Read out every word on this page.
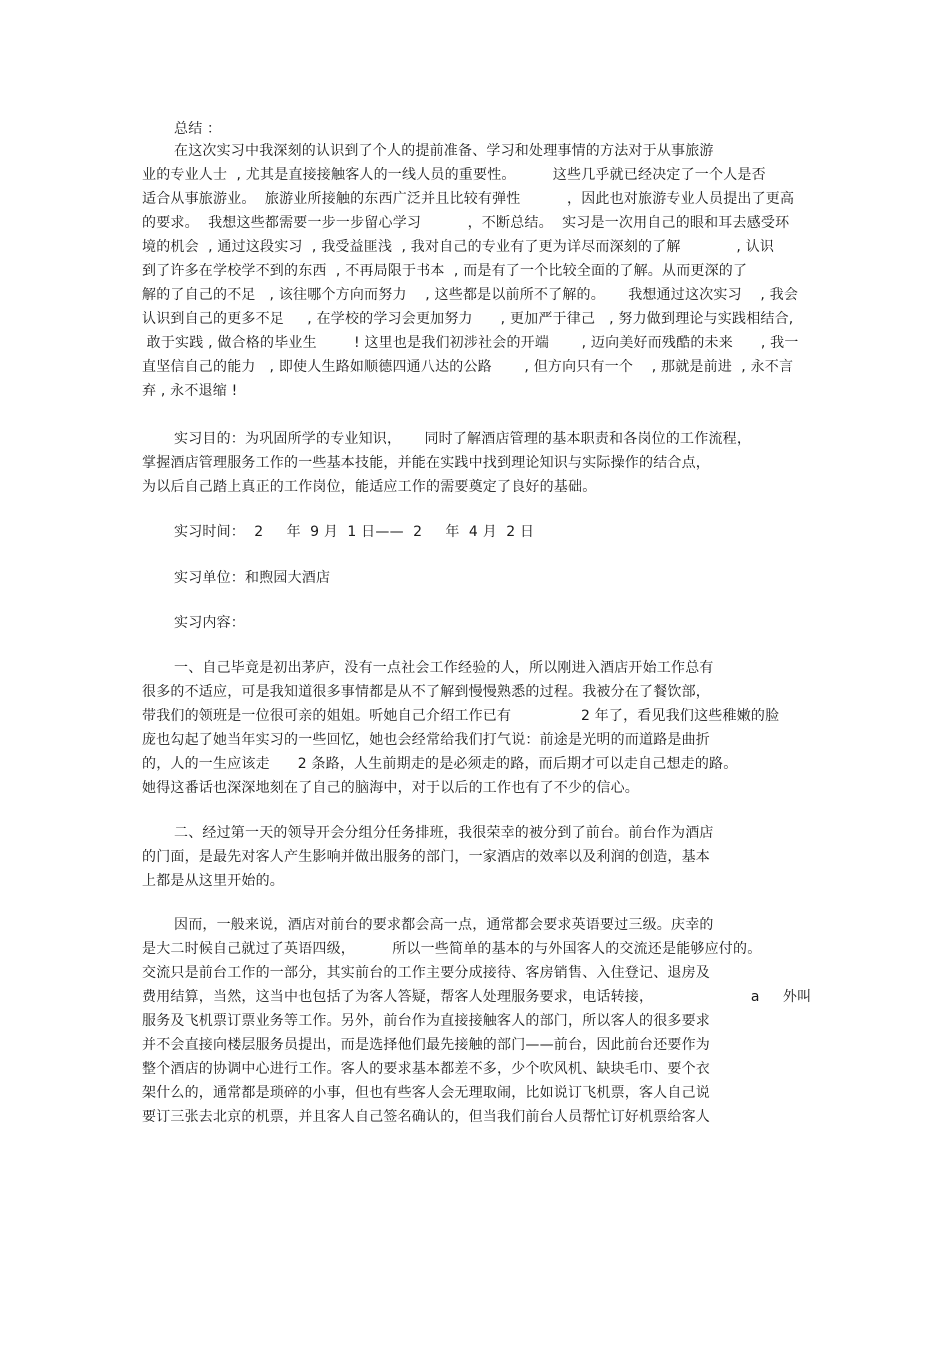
总结 ：
在这次实习中我深刻的认识到了个人的提前准备、学习和处理事情的方法对于从事旅游
业的专业人士  , 尤其是直接接触客人的一线人员的重要性。        这些几乎就已经决定了一个人是否
适合从事旅游业。  旅游业所接触的东西广泛并且比较有弹性          ，因此也对旅游专业人员提出了更高
的要求。  我想这些都需要一步一步留心学习          ，不断总结。  实习是一次用自己的眼和耳去感受环
境的机会  , 通过这段实习  , 我受益匪浅  , 我对自己的专业有了更为详尽而深刻的了解            , 认识
到了许多在学校学不到的东西  , 不再局限于书本  , 而是有了一个比较全面的了解。从而更深的了
解的了自己的不足   , 该往哪个方向而努力    , 这些都是以前所不了解的。     我想通过这次实习    , 我会
认识到自己的更多不足     , 在学校的学习会更加努力      , 更加严于律己   , 努力做到理论与实践相结合,
敢于实践 , 做合格的毕业生        ! 这里也是我们初涉社会的开端       , 迈向美好而残酷的未来      , 我一
直坚信自己的能力   , 即使人生路如顺德四通八达的公路       , 但方向只有一个    , 那就是前进  , 永不言
弃 , 永不退缩 !
实习目的：为巩固所学的专业知识，     同时了解酒店管理的基本职责和各岗位的工作流程，
掌握酒店管理服务工作的一些基本技能，并能在实践中找到理论知识与实际操作的结合点，
为以后自己踏上真正的工作岗位，能适应工作的需要奠定了良好的基础。
实习时间：  2     年  9 月  1 日——  2     年  4 月  2 日
实习单位：和煦园大酒店
实习内容：
一、自己毕竟是初出茅庐，没有一点社会工作经验的人，所以刚进入酒店开始工作总有
很多的不适应，可是我知道很多事情都是从不了解到慢慢熟悉的过程。我被分在了餐饮部，
带我们的领班是一位很可亲的姐姐。听她自己介绍工作已有               2 年了，看见我们这些稚嫩的脸
庞也勾起了她当年实习的一些回忆，她也会经常给我们打气说：前途是光明的而道路是曲折
的，人的一生应该走      2 条路，人生前期走的是必须走的路，而后期才可以走自己想走的路。
她得这番话也深深地刻在了自己的脑海中，对于以后的工作也有了不少的信心。
二、经过第一天的领导开会分组分任务排班，我很荣幸的被分到了前台。前台作为酒店
的门面，是最先对客人产生影响并做出服务的部门，一家酒店的效率以及利润的创造，基本
上都是从这里开始的。
因而，一般来说，酒店对前台的要求都会高一点，通常都会要求英语要过三级。庆幸的
是大二时候自己就过了英语四级，        所以一些简单的基本的与外国客人的交流还是能够应付的。
交流只是前台工作的一部分，其实前台的工作主要分成接待、客房销售、入住登记、退房及
费用结算，当然，这当中也包括了为客人答疑，帮客人处理服务要求，电话转接，                     a     外叫
服务及飞机票订票业务等工作。另外，前台作为直接接触客人的部门，所以客人的很多要求
并不会直接向楼层服务员提出，而是选择他们最先接触的部门——前台，因此前台还要作为
整个酒店的协调中心进行工作。客人的要求基本都差不多，少个吹风机、缺块毛巾、要个衣
架什么的，通常都是琐碎的小事，但也有些客人会无理取闹，比如说订飞机票，客人自己说
要订三张去北京的机票，并且客人自己签名确认的，但当我们前台人员帮忙订好机票给客人
